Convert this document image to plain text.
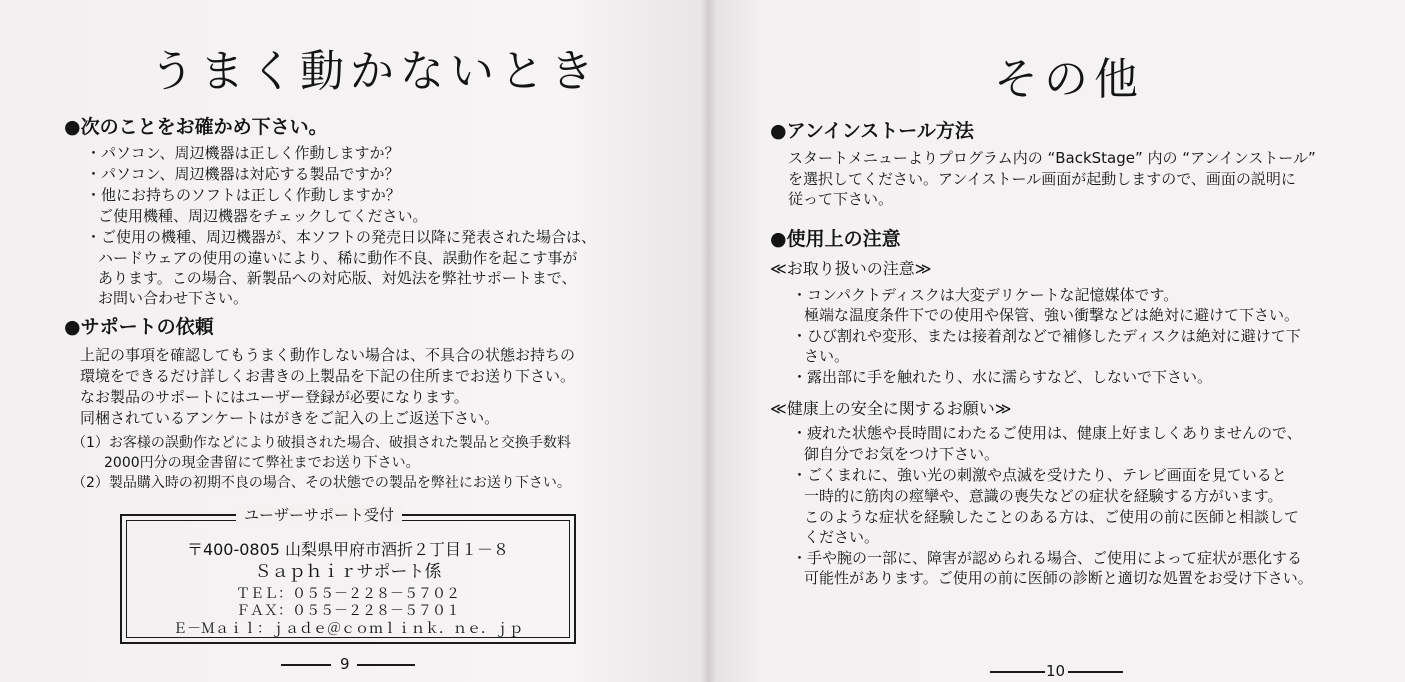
うまく動かないとき
●次のことをお確かめ下さい。
・パソコン、周辺機器は正しく作動しますか？
・パソコン、周辺機器は対応する製品ですか？
・他にお持ちのソフトは正しく作動しますか？
ご使用機種、周辺機器をチェックしてください。
・ご使用の機種、周辺機器が、本ソフトの発売日以降に発表された場合は、
ハードウェアの使用の違いにより、稀に動作不良、誤動作を起こす事が
あります。この場合、新製品への対応版、対処法を弊社サポートまで、
お問い合わせ下さい。
●サポートの依頼
上記の事項を確認してもうまく動作しない場合は、不具合の状態お持ちの
環境をできるだけ詳しくお書きの上製品を下記の住所までお送り下さい。
なお製品のサポートにはユーザー登録が必要になります。
同梱されているアンケートはがきをご記入の上ご返送下さい。
（1）お客様の誤動作などにより破損された場合、破損された製品と交換手数料
2000円分の現金書留にて弊社までお送り下さい。
（2）製品購入時の初期不良の場合、その状態での製品を弊社にお送り下さい。
ユーザーサポート受付
〒400-0805 山梨県甲府市酒折２丁目１－８
Ｓａｐｈｉｒサポート係
ＴＥＬ：０５５－２２８－５７０２
ＦＡＸ：０５５－２２８－５７０１
Ｅ－Ｍａｉｌ：ｊａｄｅ＠ｃｏｍｌｉｎｋ．ｎｅ．ｊｐ
9
その他
●アンインストール方法
スタートメニューよりプログラム内の “BackStage” 内の “アンインストール”
を選択してください。アンイストール画面が起動しますので、画面の説明に
従って下さい。
●使用上の注意
≪お取り扱いの注意≫
・コンパクトディスクは大変デリケートな記憶媒体です。
極端な温度条件下での使用や保管、強い衝撃などは絶対に避けて下さい。
・ひび割れや変形、または接着剤などで補修したディスクは絶対に避けて下
さい。
・露出部に手を触れたり、水に濡らすなど、しないで下さい。
≪健康上の安全に関するお願い≫
・疲れた状態や長時間にわたるご使用は、健康上好ましくありませんので、
御自分でお気をつけ下さい。
・ごくまれに、強い光の刺激や点滅を受けたり、テレビ画面を見ていると
一時的に筋肉の痙攣や、意識の喪失などの症状を経験する方がいます。
このような症状を経験したことのある方は、ご使用の前に医師と相談して
ください。
・手や腕の一部に、障害が認められる場合、ご使用によって症状が悪化する
可能性があります。ご使用の前に医師の診断と適切な処置をお受け下さい。
10
